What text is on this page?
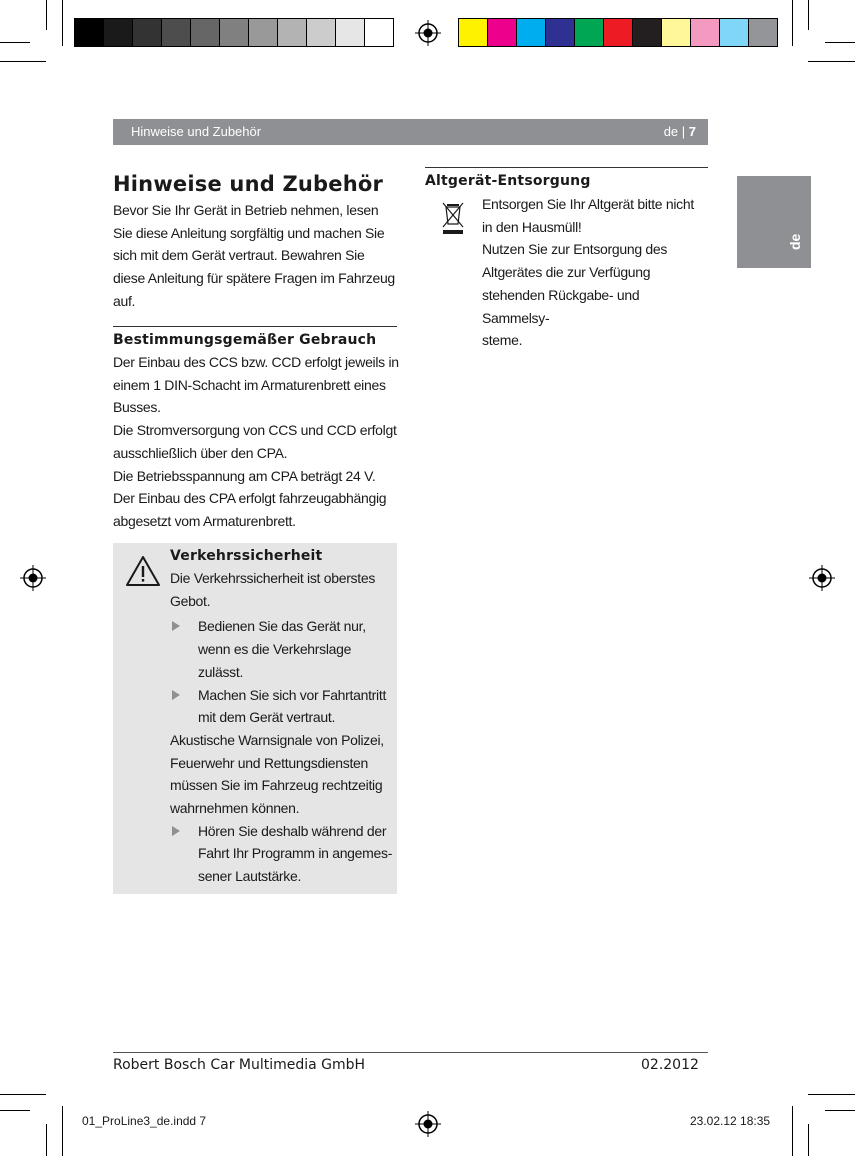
Hinweise und Zubehör	de | 7
de
Hinweise und Zubehör
Bevor Sie Ihr Gerät in Betrieb nehmen, lesen
Sie diese Anleitung sorgfältig und machen Sie
sich mit dem Gerät vertraut. Bewahren Sie
diese Anleitung für spätere Fragen im Fahrzeug
auf.
Bestimmungsgemäßer Gebrauch
Der Einbau des CCS bzw. CCD erfolgt jeweils in
einem 1 DIN-Schacht im Armaturenbrett eines
Busses.
Die Stromversorgung von CCS und CCD erfolgt
ausschließlich über den CPA.
Die Betriebsspannung am CPA beträgt 24 V.
Der Einbau des CPA erfolgt fahrzeugabhängig
abgesetzt vom Armaturenbrett.
Verkehrssicherheit
Die Verkehrssicherheit ist oberstes
Gebot.
Bedienen Sie das Gerät nur,
wenn es die Verkehrslage
zulässt.
Machen Sie sich vor Fahrtantritt
mit dem Gerät vertraut.
Akustische Warnsignale von Polizei,
Feuerwehr und Rettungsdiensten
müssen Sie im Fahrzeug rechtzeitig
wahrnehmen können.
Hören Sie deshalb während der
Fahrt Ihr Programm in angemes-
sener Lautstärke.
Altgerät-Entsorgung
Entsorgen Sie Ihr Altgerät bitte nicht
in den Hausmüll!
Nutzen Sie zur Entsorgung des
Altgerätes die zur Verfügung
stehenden Rückgabe- und Sammelsy-
steme.
Robert Bosch Car Multimedia GmbH	02.2012
01_ProLine3_de.indd 7	23.02.12 18:35
